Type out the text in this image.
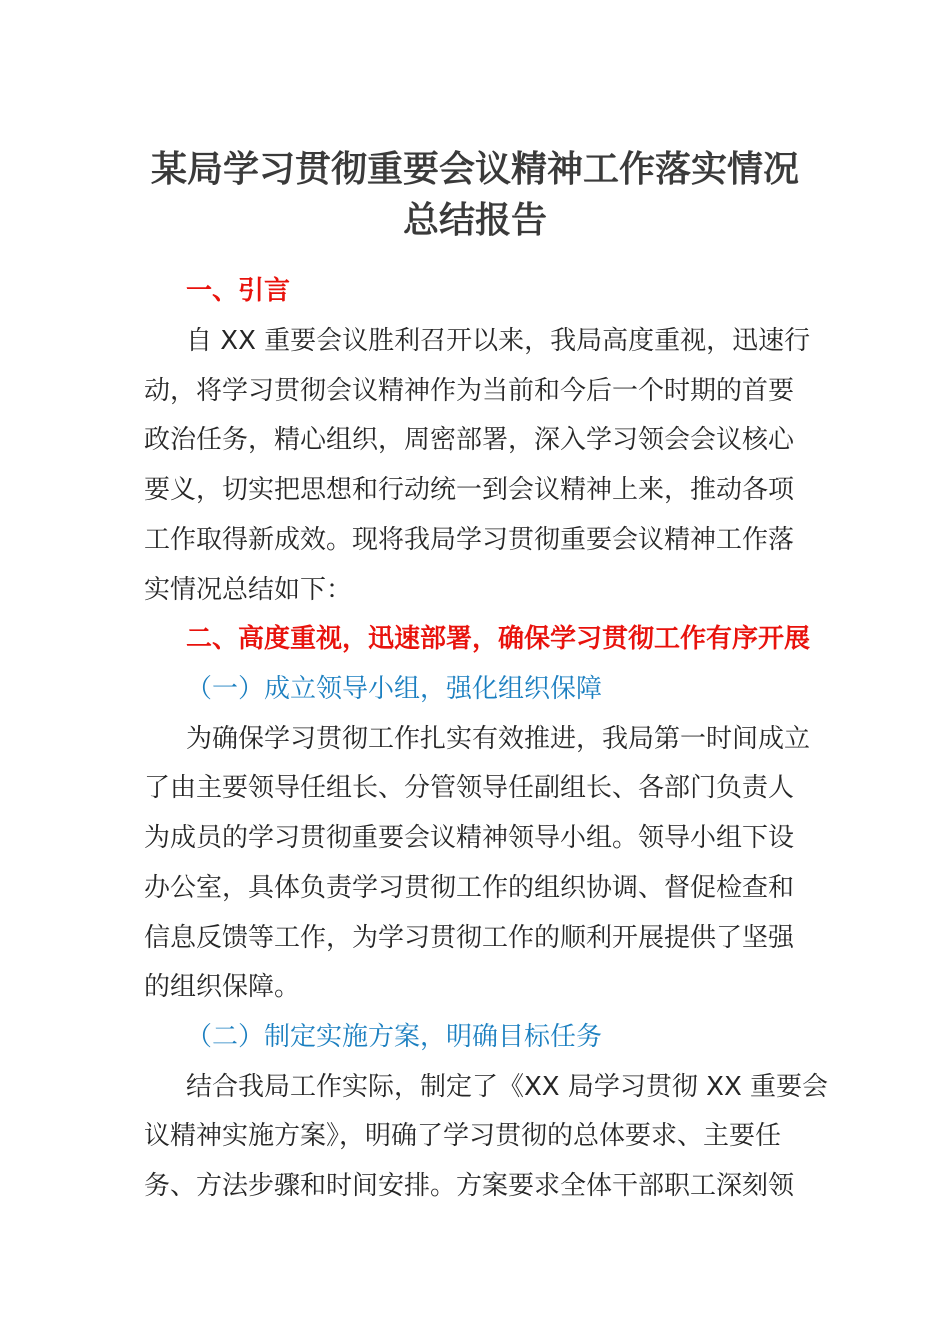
某局学习贯彻重要会议精神工作落实情况
总结报告
一、引言
自 XX 重要会议胜利召开以来，我局高度重视，迅速行
动，将学习贯彻会议精神作为当前和今后一个时期的首要
政治任务，精心组织，周密部署，深入学习领会会议核心
要义，切实把思想和行动统一到会议精神上来，推动各项
工作取得新成效。现将我局学习贯彻重要会议精神工作落
实情况总结如下：
二、高度重视，迅速部署，确保学习贯彻工作有序开展
（一）成立领导小组，强化组织保障
为确保学习贯彻工作扎实有效推进，我局第一时间成立
了由主要领导任组长、分管领导任副组长、各部门负责人
为成员的学习贯彻重要会议精神领导小组。领导小组下设
办公室，具体负责学习贯彻工作的组织协调、督促检查和
信息反馈等工作，为学习贯彻工作的顺利开展提供了坚强
的组织保障。
（二）制定实施方案，明确目标任务
结合我局工作实际，制定了《XX 局学习贯彻 XX 重要会
议精神实施方案》，明确了学习贯彻的总体要求、主要任
务、方法步骤和时间安排。方案要求全体干部职工深刻领
